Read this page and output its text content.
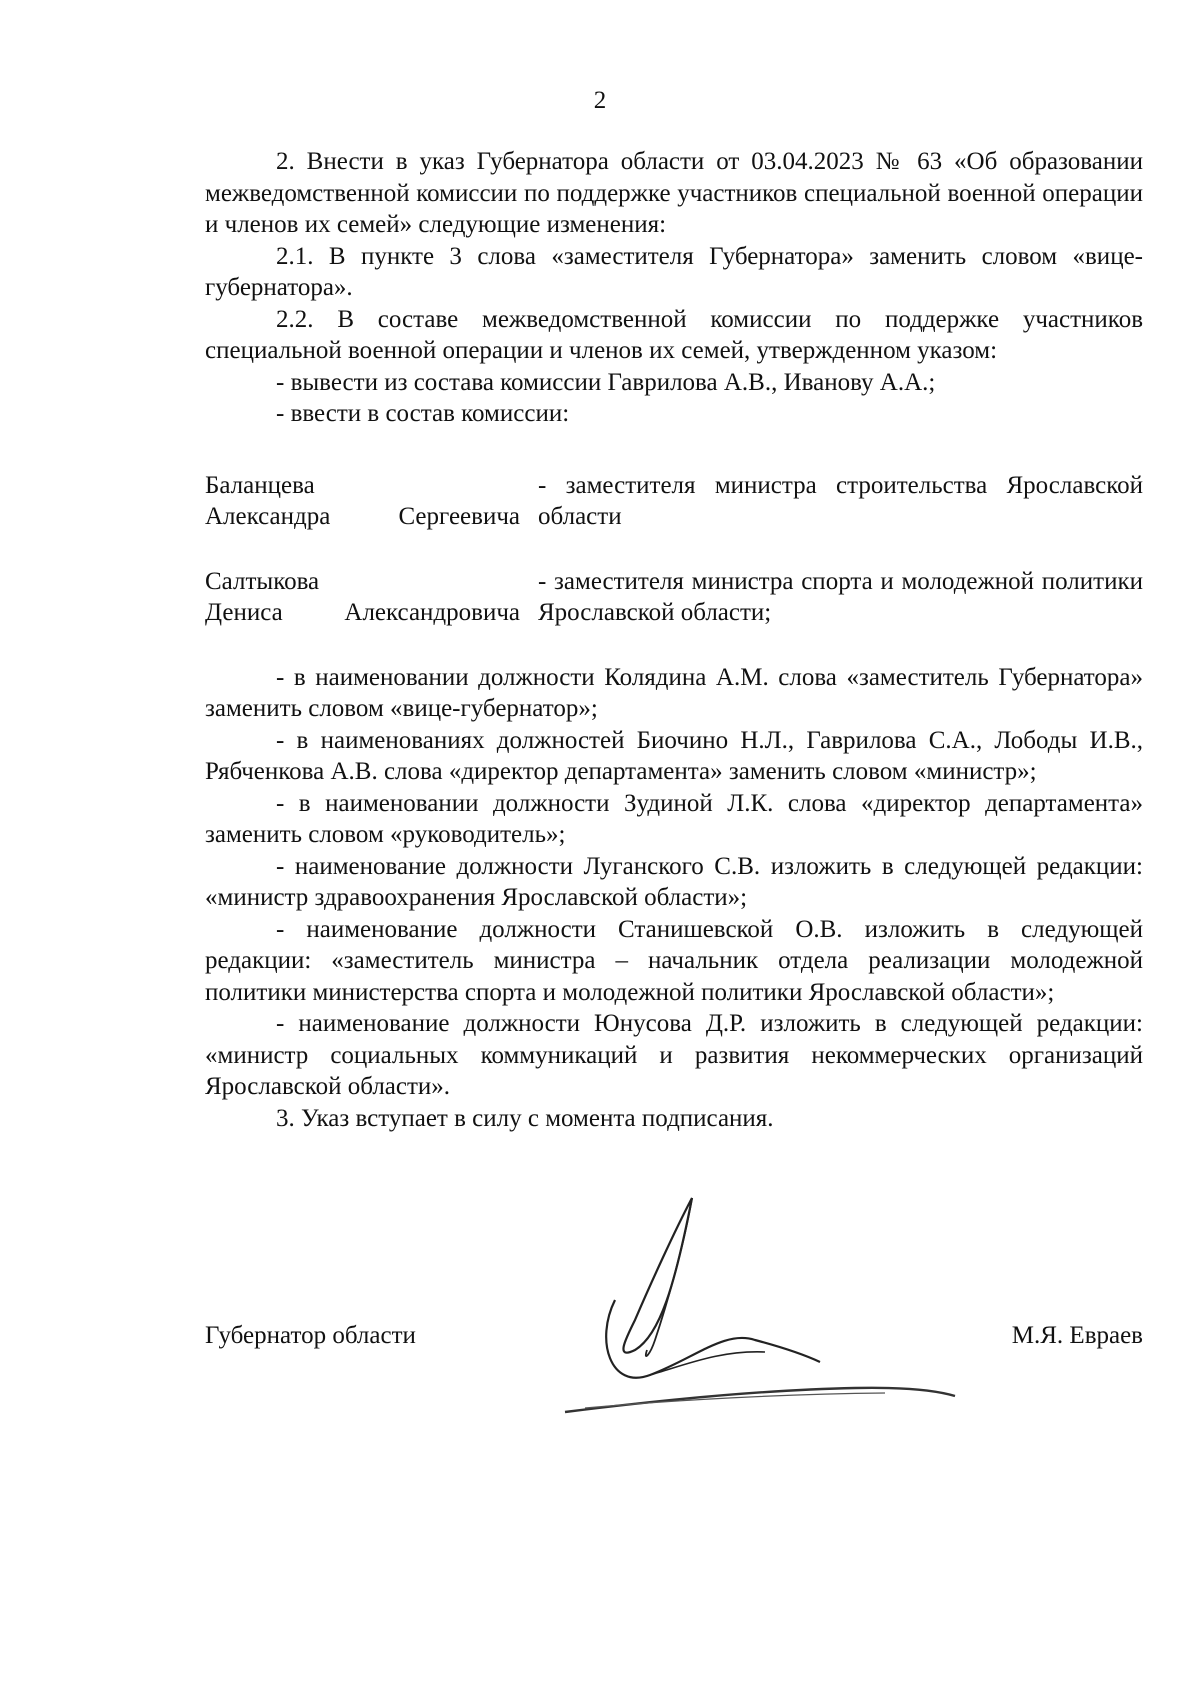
2

2. Внести в указ Губернатора области от 03.04.2023 № 63 «Об образовании межведомственной комиссии по поддержке участников специальной военной операции и членов их семей» следующие изменения:

2.1. В пункте 3 слова «заместителя Губернатора» заменить словом «вице-губернатора».

2.2. В составе межведомственной комиссии по поддержке участников специальной военной операции и членов их семей, утвержденном указом:

- вывести из состава комиссии Гаврилова А.В., Иванову А.А.;

- ввести в состав комиссии:

Баланцева
Александра Сергеевича
- заместителя министра строительства Ярославской области
Салтыкова
Дениса Александровича
- заместителя министра спорта и молодежной политики Ярославской области;

- в наименовании должности Колядина А.М. слова «заместитель Губернатора» заменить словом «вице-губернатор»;

- в наименованиях должностей Биочино Н.Л., Гаврилова С.А., Лободы И.В., Рябченкова А.В. слова «директор департамента» заменить словом «министр»;

- в наименовании должности Зудиной Л.К. слова «директор департамента» заменить словом «руководитель»;

- наименование должности Луганского С.В. изложить в следующей редакции: «министр здравоохранения Ярославской области»;

- наименование должности Станишевской О.В. изложить в следующей редакции: «заместитель министра – начальник отдела реализации молодежной политики министерства спорта и молодежной политики Ярославской области»;

- наименование должности Юнусова Д.Р. изложить в следующей редакции: «министр социальных коммуникаций и развития некоммерческих организаций Ярославской области».

3. Указ вступает в силу с момента подписания.

Губернатор области	М.Я. Евраев
